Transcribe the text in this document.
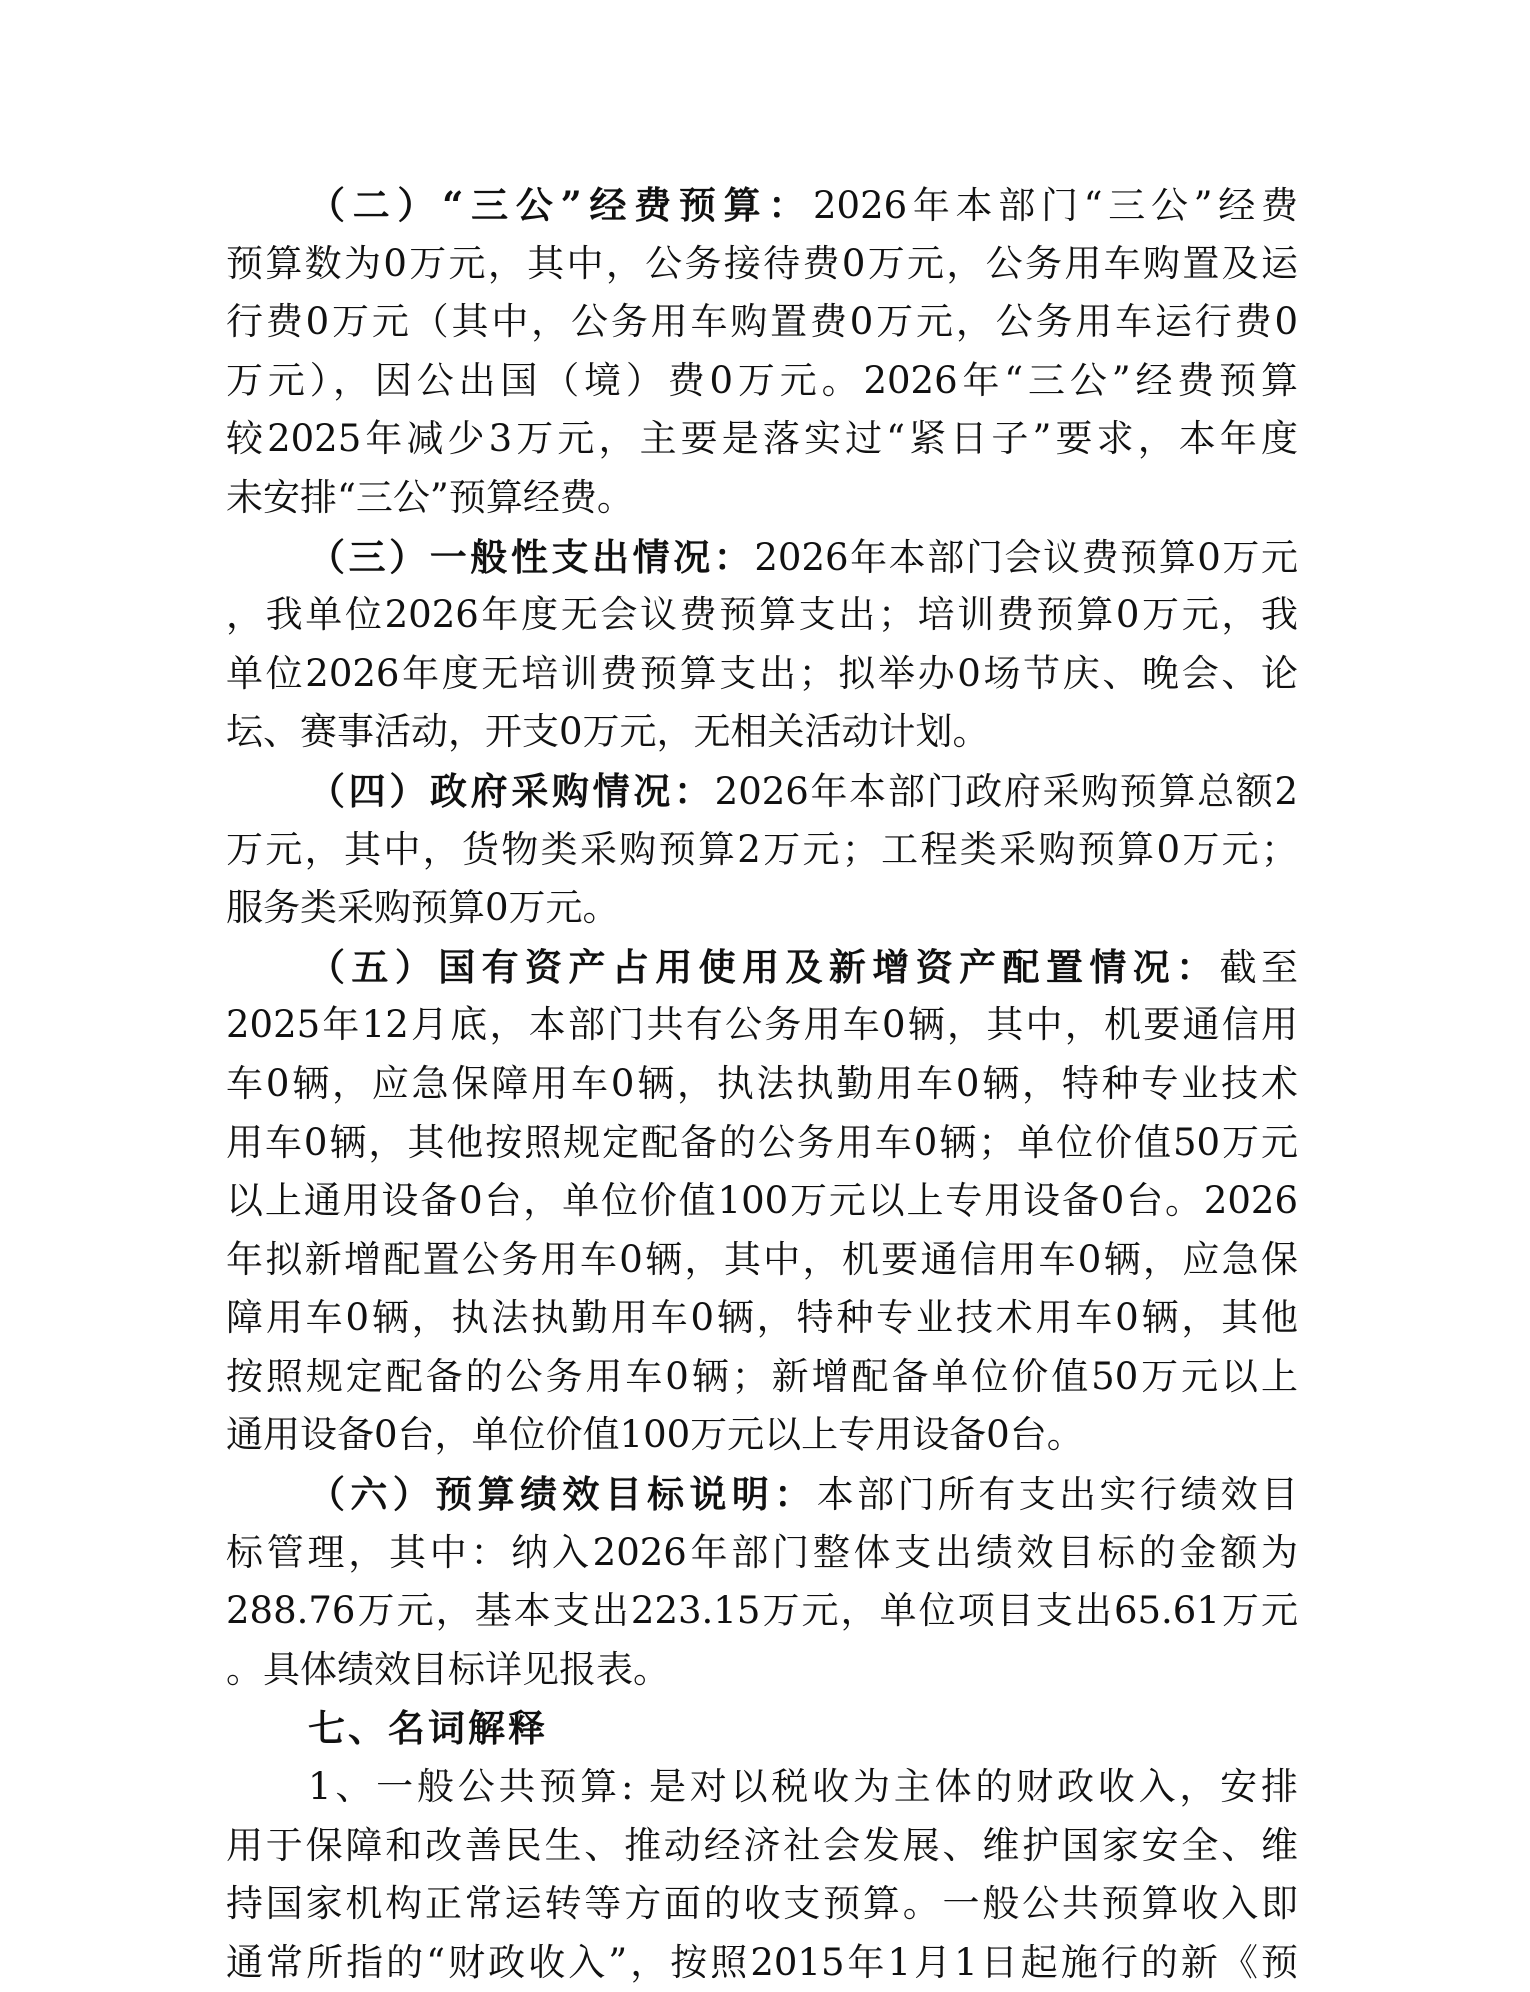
（二）“三公”经费预算：2026年本部门“三公”经费
预算数为0万元，其中，公务接待费0万元，公务用车购置及运
行费0万元（其中，公务用车购置费0万元，公务用车运行费0
万元），因公出国（境）费0万元。2026年“三公”经费预算
较2025年减少3万元，主要是落实过“紧日子”要求，本年度
未安排“三公”预算经费。
（三）一般性支出情况：2026年本部门会议费预算0万元
，我单位2026年度无会议费预算支出；培训费预算0万元，我
单位2026年度无培训费预算支出；拟举办0场节庆、晚会、论
坛、赛事活动，开支0万元，无相关活动计划。
（四）政府采购情况：2026年本部门政府采购预算总额2
万元，其中，货物类采购预算2万元；工程类采购预算0万元；
服务类采购预算0万元。
（五）国有资产占用使用及新增资产配置情况：截至
2025年12月底，本部门共有公务用车0辆，其中，机要通信用
车0辆，应急保障用车0辆，执法执勤用车0辆，特种专业技术
用车0辆，其他按照规定配备的公务用车0辆；单位价值50万元
以上通用设备0台，单位价值100万元以上专用设备0台。2026
年拟新增配置公务用车0辆，其中，机要通信用车0辆，应急保
障用车0辆，执法执勤用车0辆，特种专业技术用车0辆，其他
按照规定配备的公务用车0辆；新增配备单位价值50万元以上
通用设备0台，单位价值100万元以上专用设备0台。
（六）预算绩效目标说明：本部门所有支出实行绩效目
标管理，其中：纳入2026年部门整体支出绩效目标的金额为
288.76万元，基本支出223.15万元，单位项目支出65.61万元
。具体绩效目标详见报表。
七、名词解释
1、一般公共预算: 是对以税收为主体的财政收入，安排
用于保障和改善民生、推动经济社会发展、维护国家安全、维
持国家机构正常运转等方面的收支预算。一般公共预算收入即
通常所指的“财政收入”，按照2015年1月1日起施行的新《预
